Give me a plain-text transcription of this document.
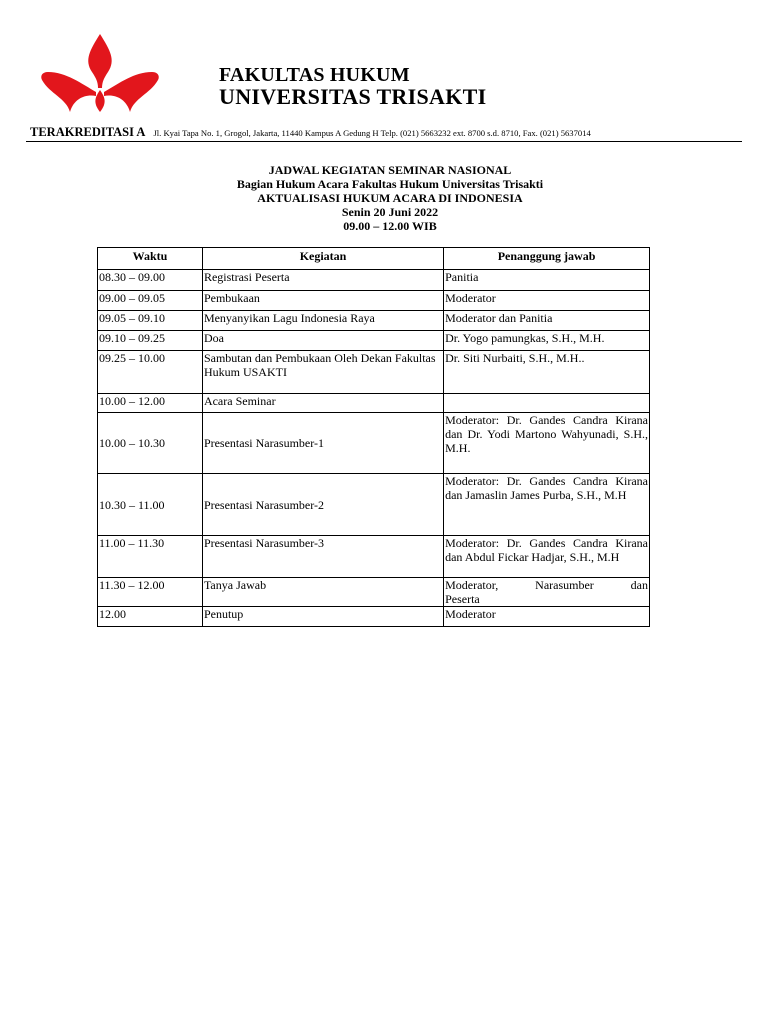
FAKULTAS HUKUM
UNIVERSITAS TRISAKTI
TERAKREDITASI A Jl. Kyai Tapa No. 1, Grogol, Jakarta, 11440 Kampus A Gedung H Telp. (021) 5663232 ext. 8700 s.d. 8710, Fax. (021) 5637014
JADWAL KEGIATAN SEMINAR NASIONAL
Bagian Hukum Acara Fakultas Hukum Universitas Trisakti
AKTUALISASI HUKUM ACARA DI INDONESIA
Senin 20 Juni 2022
09.00 – 12.00 WIB
Waktu	Kegiatan	Penanggung jawab
08.30 – 09.00	Registrasi Peserta	Panitia
09.00 – 09.05	Pembukaan	Moderator
09.05 – 09.10	Menyanyikan Lagu Indonesia Raya	Moderator dan Panitia
09.10 – 09.25	Doa	Dr. Yogo pamungkas, S.H., M.H.
09.25 – 10.00	Sambutan dan Pembukaan Oleh Dekan Fakultas Hukum USAKTI	Dr. Siti Nurbaiti, S.H., M.H..
10.00 – 12.00	Acara Seminar	
10.00 – 10.30	Presentasi Narasumber-1	Moderator: Dr. Gandes Candra Kirana dan Dr. Yodi Martono Wahyunadi, S.H., M.H.
10.30 – 11.00	Presentasi Narasumber-2	Moderator: Dr. Gandes Candra Kirana dan Jamaslin James Purba, S.H., M.H
11.00 – 11.30	Presentasi Narasumber-3	Moderator: Dr. Gandes Candra Kirana dan Abdul Fickar Hadjar, S.H., M.H
11.30 – 12.00	Tanya Jawab	Moderator, Narasumber dan Peserta
12.00	Penutup	Moderator
